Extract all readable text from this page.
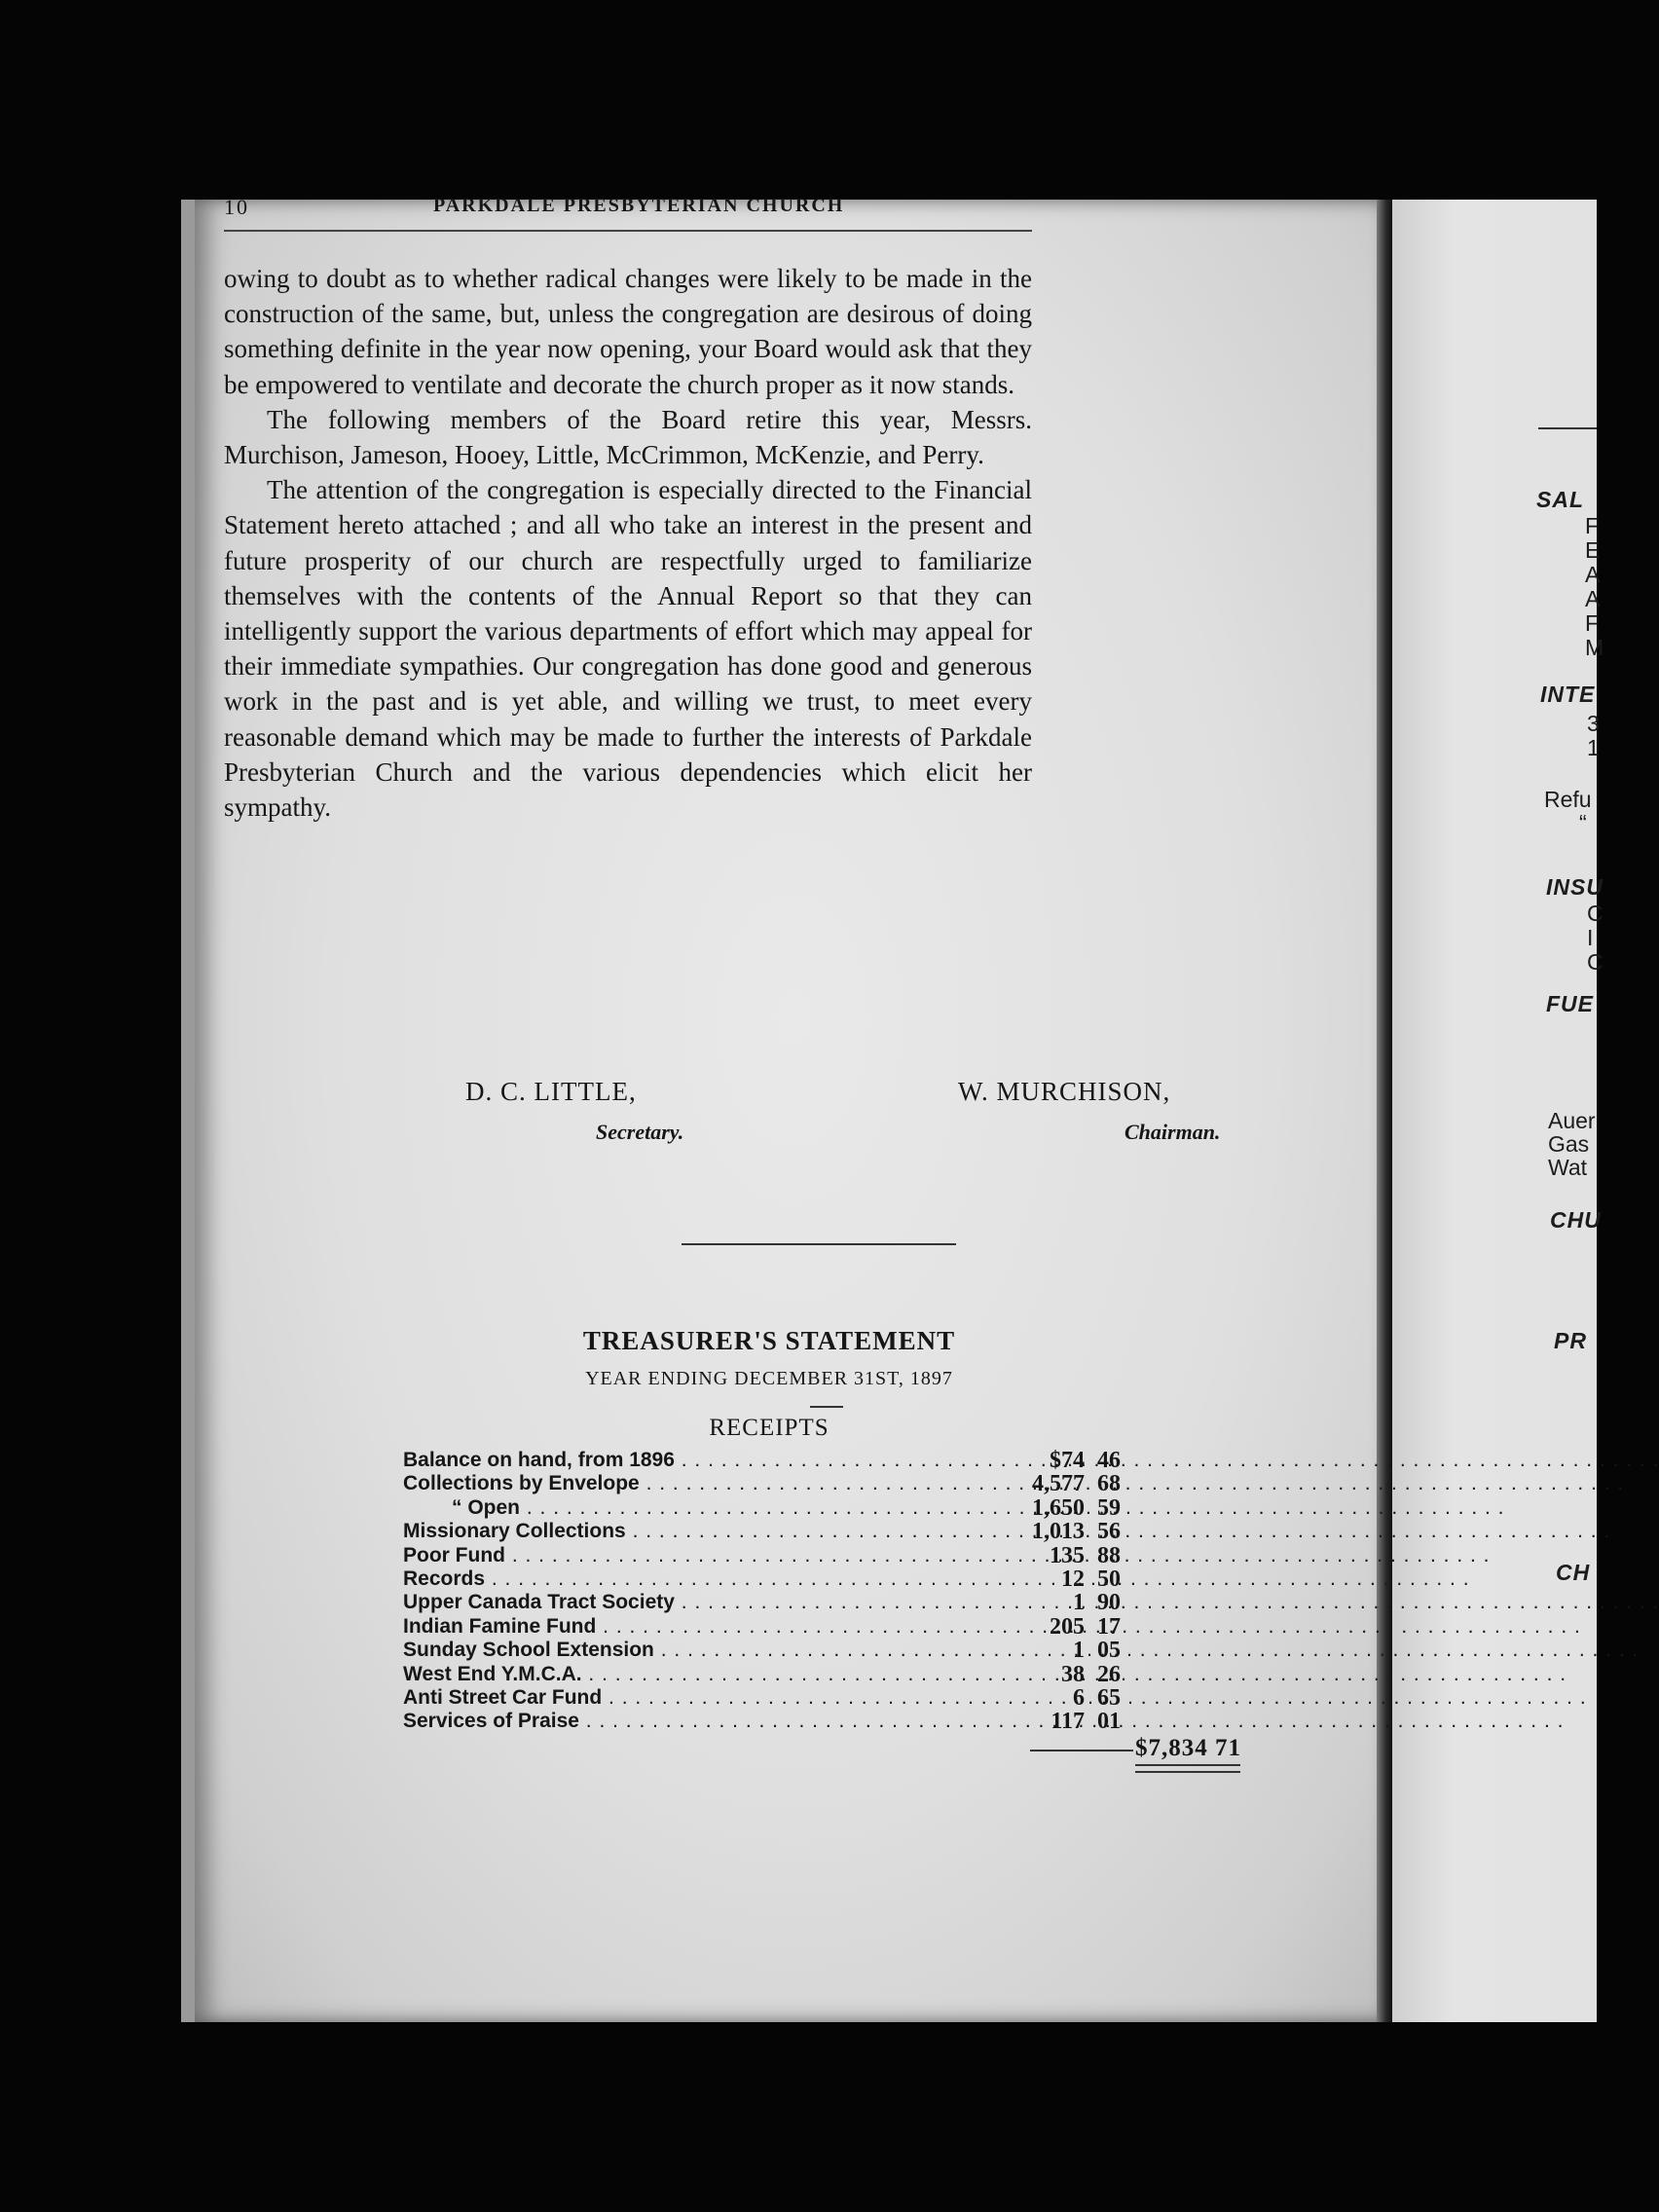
SAL
F
E
A
A
F
M
INTE
3
1
Refu
“
INSU
C
I
C
FUE
Auer
Gas
Wat
CHU
PR
CH
10	PARKDALE PRESBYTERIAN CHURCH

owing to doubt as to whether radical changes were likely to be made in the construction of the same, but, unless the congregation are desirous of doing something definite in the year now opening, your Board would ask that they be empowered to ventilate and decorate the church proper as it now stands.

The following members of the Board retire this year, Messrs. Murchison, Jameson, Hooey, Little, McCrimmon, McKenzie, and Perry.

The attention of the congregation is especially directed to the Financial Statement hereto attached ; and all who take an interest in the present and future prosperity of our church are respectfully urged to familiarize themselves with the contents of the Annual Report so that they can intelligently support the various departments of effort which may appeal for their immediate sympathies. Our congregation has done good and generous work in the past and is yet able, and willing we trust, to meet every reasonable demand which may be made to further the interests of Parkdale Presbyterian Church and the various dependencies which elicit her sympathy.

D. C. LITTLE,
Secretary.
W. MURCHISON,
Chairman.
TREASURER'S STATEMENT
YEAR ENDING DECEMBER 31ST, 1897
RECEIPTS
Balance on hand, from 1896 . . .	$74 46
Collections by Envelope . . .	4,577 68
“ Open . . .	1,650 59
Missionary Collections . . .	1,013 56
Poor Fund . . .	135 88
Records . . .	12 50
Upper Canada Tract Society . . .	1 90
Indian Famine Fund . . .	205 17
Sunday School Extension . . .	1 05
West End Y.M.C.A. . . .	38 26
Anti Street Car Fund . . .	6 65
Services of Praise . . .	117 01
$7,834 71
